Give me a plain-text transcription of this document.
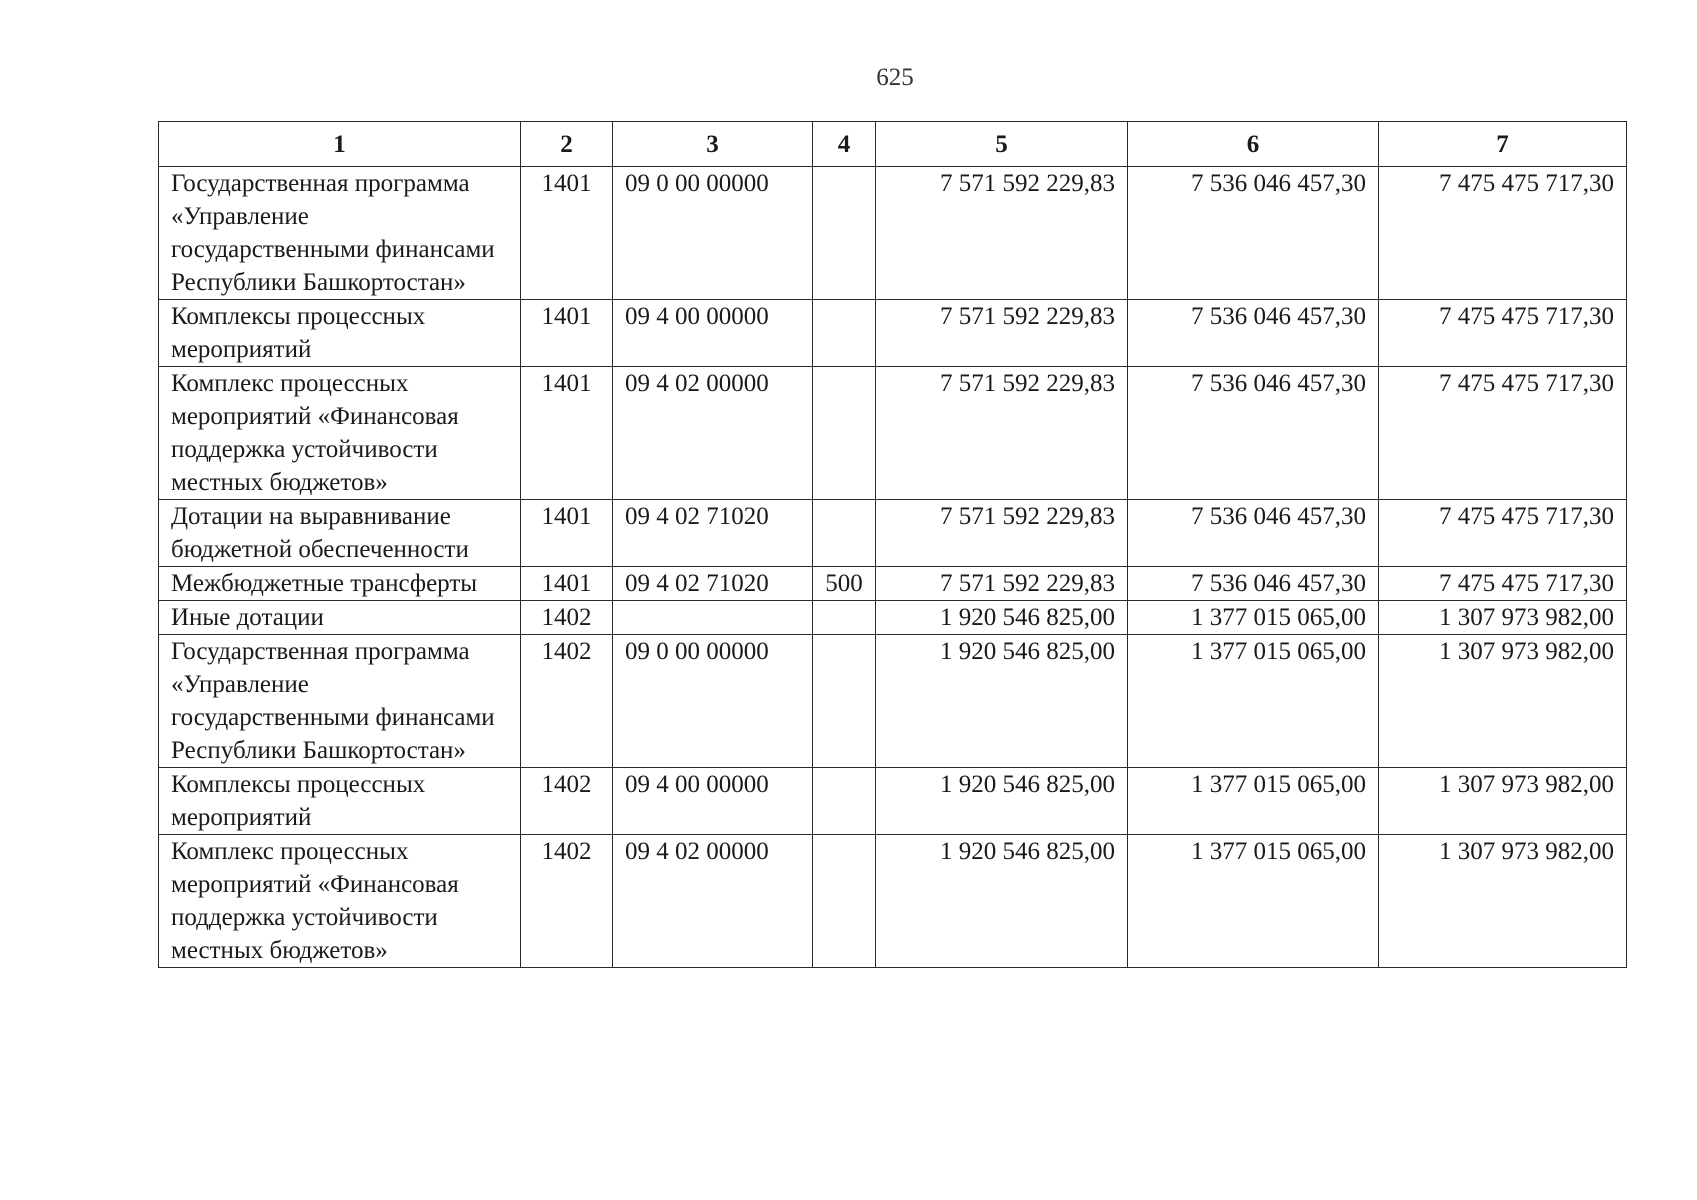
625
1	2	3	4	5	6	7
Государственная программа «Управление государственными финансами Республики Башкортостан»	1401	09 0 00 00000		7 571 592 229,83	7 536 046 457,30	7 475 475 717,30
Комплексы процессных мероприятий	1401	09 4 00 00000		7 571 592 229,83	7 536 046 457,30	7 475 475 717,30
Комплекс процессных мероприятий «Финансовая поддержка устойчивости местных бюджетов»	1401	09 4 02 00000		7 571 592 229,83	7 536 046 457,30	7 475 475 717,30
Дотации на выравнивание бюджетной обеспеченности	1401	09 4 02 71020		7 571 592 229,83	7 536 046 457,30	7 475 475 717,30
Межбюджетные трансферты	1401	09 4 02 71020	500	7 571 592 229,83	7 536 046 457,30	7 475 475 717,30
Иные дотации	1402			1 920 546 825,00	1 377 015 065,00	1 307 973 982,00
Государственная программа «Управление государственными финансами Республики Башкортостан»	1402	09 0 00 00000		1 920 546 825,00	1 377 015 065,00	1 307 973 982,00
Комплексы процессных мероприятий	1402	09 4 00 00000		1 920 546 825,00	1 377 015 065,00	1 307 973 982,00
Комплекс процессных мероприятий «Финансовая поддержка устойчивости местных бюджетов»	1402	09 4 02 00000		1 920 546 825,00	1 377 015 065,00	1 307 973 982,00
